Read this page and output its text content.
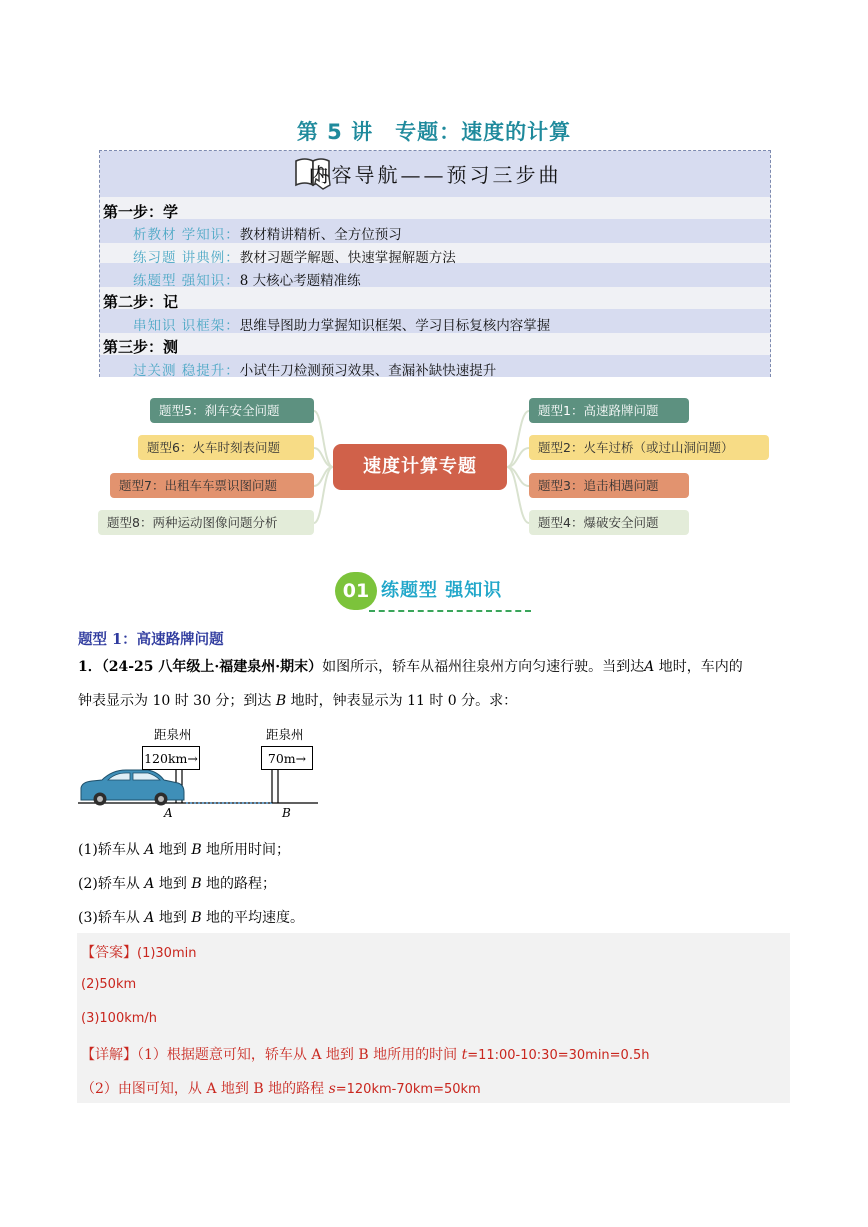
第 5 讲　专题：速度的计算
内容导航——预习三步曲
第一步：学
析教材 学知识：教材精讲精析、全方位预习
练习题 讲典例：教材习题学解题、快速掌握解题方法
练题型 强知识：8 大核心考题精准练
第二步：记
串知识 识框架：思维导图助力掌握知识框架、学习目标复核内容掌握
第三步：测
过关测 稳提升：小试牛刀检测预习效果、查漏补缺快速提升
速度计算专题
题型5：刹车安全问题
题型6：火车时刻表问题
题型7：出租车车票识图问题
题型8：两种运动图像问题分析
题型1：高速路牌问题
题型2：火车过桥（或过山洞问题）
题型3：追击相遇问题
题型4：爆破安全问题
01 练题型 强知识
题型 1：高速路牌问题
1．（24-25 八年级上·福建泉州·期末）如图所示，轿车从福州往泉州方向匀速行驶。当到达A 地时，车内的
钟表显示为 10 时 30 分；到达 B 地时，钟表显示为 11 时 0 分。求：
距泉州
120km→
距泉州
70m→
A	B
(1)轿车从 A 地到 B 地所用时间；
(2)轿车从 A 地到 B 地的路程；
(3)轿车从 A 地到 B 地的平均速度。
【答案】(1)30min
(2)50km
(3)100km/h
【详解】（1）根据题意可知，轿车从 A 地到 B 地所用的时间 t=11:00-10:30=30min=0.5h
（2）由图可知，从 A 地到 B 地的路程 s=120km-70km=50km
